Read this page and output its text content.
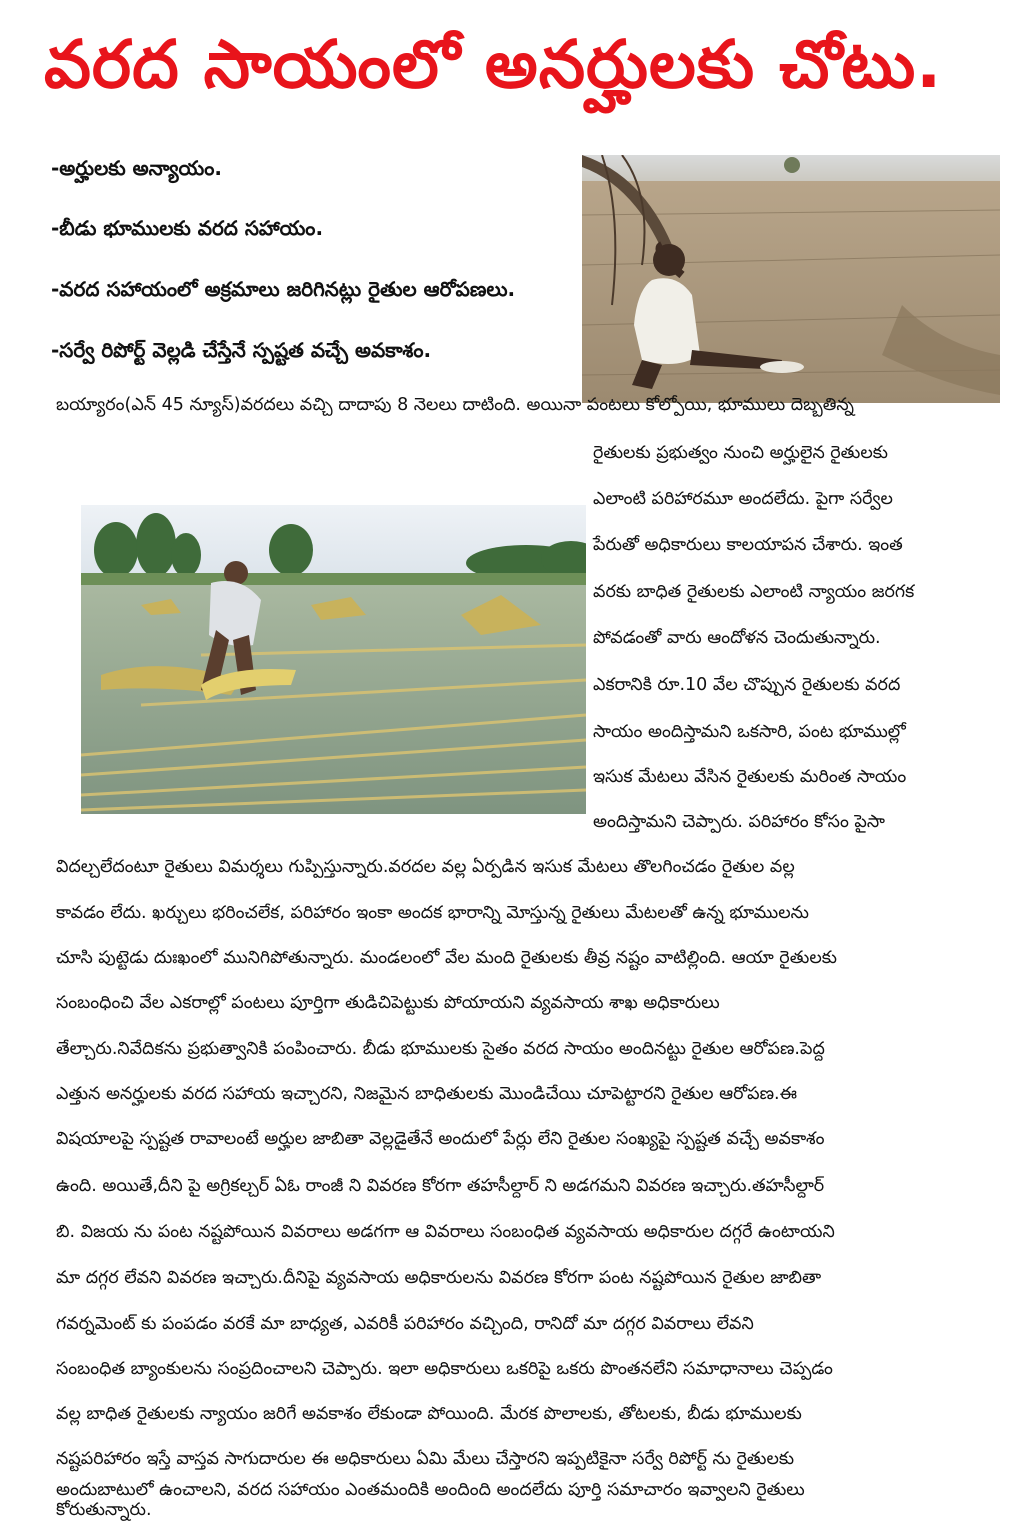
వరద సాయంలో అనర్హులకు చోటు.
-అర్హులకు అన్యాయం.
-బీడు భూములకు వరద సహాయం.
-వరద సహాయంలో అక్రమాలు జరిగినట్లు రైతుల ఆరోపణలు.
-సర్వే రిపోర్ట్ వెల్లడి చేస్తేనే స్పష్టత వచ్చే అవకాశం.
బయ్యారం(ఎన్ 45 న్యూస్)వరదలు వచ్చి దాదాపు 8 నెలలు దాటింది. అయినా పంటలు కోల్పోయి, భూములు దెబ్బతిన్న
రైతులకు ప్రభుత్వం నుంచి అర్హులైన రైతులకు
ఎలాంటి పరిహారమూ అందలేదు. పైగా సర్వేల
పేరుతో అధికారులు కాలయాపన చేశారు. ఇంత
వరకు బాధిత రైతులకు ఎలాంటి న్యాయం జరగక
పోవడంతో వారు ఆందోళన చెందుతున్నారు.
ఎకరానికి రూ.10 వేల చొప్పున రైతులకు వరద
సాయం అందిస్తామని ఒకసారి, పంట భూముల్లో
ఇసుక మేటలు వేసిన రైతులకు మరింత సాయం
అందిస్తామని చెప్పారు. పరిహారం కోసం పైసా
విదల్చలేదంటూ రైతులు విమర్శలు గుప్పిస్తున్నారు.వరదల వల్ల ఏర్పడిన ఇసుక మేటలు తొలగించడం రైతుల వల్ల
కావడం లేదు. ఖర్చులు భరించలేక, పరిహారం ఇంకా అందక భారాన్ని మోస్తున్న రైతులు మేటలతో ఉన్న భూములను
చూసి పుట్టెడు దుఃఖంలో మునిగిపోతున్నారు. మండలంలో వేల మంది రైతులకు తీవ్ర నష్టం వాటిల్లింది. ఆయా రైతులకు
సంబంధించి వేల ఎకరాల్లో పంటలు పూర్తిగా తుడిచిపెట్టుకు పోయాయని వ్యవసాయ శాఖ అధికారులు
తేల్చారు.నివేదికను ప్రభుత్వానికి పంపించారు. బీడు భూములకు సైతం వరద సాయం అందినట్టు రైతుల ఆరోపణ.పెద్ద
ఎత్తున అనర్హులకు వరద సహాయ ఇచ్చారని, నిజమైన బాధితులకు మొండిచేయి చూపెట్టారని రైతుల ఆరోపణ.ఈ
విషయాలపై స్పష్టత రావాలంటే అర్హుల జాబితా వెల్లడైతేనే అందులో పేర్లు లేని రైతుల సంఖ్యపై స్పష్టత వచ్చే అవకాశం
ఉంది. అయితే,దీని పై అగ్రికల్చర్ ఏఓ రాంజీ ని వివరణ కోరగా తహసీల్దార్ ని అడగమని వివరణ ఇచ్చారు.తహసీల్దార్
బి. విజయ ను పంట నష్టపోయిన వివరాలు అడగగా ఆ వివరాలు సంబంధిత వ్యవసాయ అధికారుల దగ్గరే ఉంటాయని
మా దగ్గర లేవని వివరణ ఇచ్చారు.దీనిపై వ్యవసాయ అధికారులను వివరణ కోరగా పంట నష్టపోయిన రైతుల జాబితా
గవర్నమెంట్ కు పంపడం వరకే మా బాధ్యత, ఎవరికీ పరిహారం వచ్చింది, రానిదో మా దగ్గర వివరాలు లేవని
సంబంధిత బ్యాంకులను సంప్రదించాలని చెప్పారు. ఇలా అధికారులు ఒకరిపై ఒకరు పొంతనలేని సమాధానాలు చెప్పడం
వల్ల బాధిత రైతులకు న్యాయం జరిగే అవకాశం లేకుండా పోయింది. మేరక పొలాలకు, తోటలకు, బీడు భూములకు
నష్టపరిహారం ఇస్తే వాస్తవ సాగుదారుల ఈ అధికారులు ఏమి మేలు చేస్తారని ఇప్పటికైనా సర్వే రిపోర్ట్ ను రైతులకు
అందుబాటులో ఉంచాలని, వరద సహాయం ఎంతమందికి అందింది అందలేదు పూర్తి సమాచారం ఇవ్వాలని రైతులు
కోరుతున్నారు.
